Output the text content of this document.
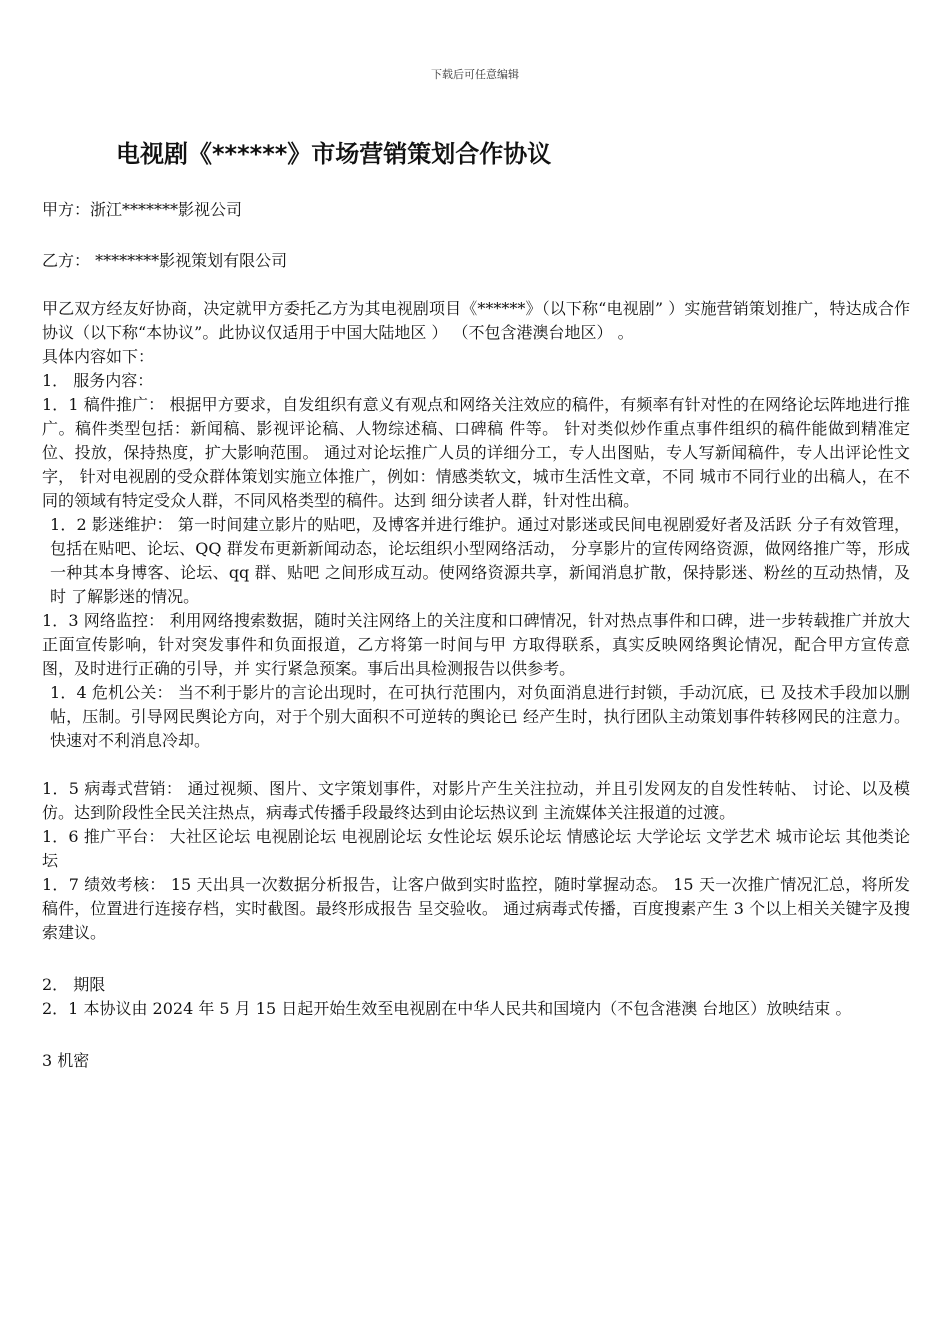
下载后可任意编辑
电视剧《******》市场营销策划合作协议

甲方：浙江*******影视公司

乙方： ********影视策划有限公司

甲乙双方经友好协商，决定就甲方委托乙方为其电视剧项目《******》（以下称“电视剧” ）实施营销策划推广，特达成合作协议（以下称“本协议”。此协议仅适用于中国大陆地区 ） （不包含港澳台地区） 。

具体内容如下：

1． 服务内容：

1．1 稿件推广： 根据甲方要求，自发组织有意义有观点和网络关注效应的稿件，有频率有针对性的在网络论坛阵地进行推广。稿件类型包括：新闻稿、影视评论稿、人物综述稿、口碑稿 件等。 针对类似炒作重点事件组织的稿件能做到精准定位、投放，保持热度，扩大影响范围。 通过对论坛推广人员的详细分工，专人出图贴，专人写新闻稿件，专人出评论性文字， 针对电视剧的受众群体策划实施立体推广，例如：情感类软文，城市生活性文章，不同 城市不同行业的出稿人，在不同的领域有特定受众人群，不同风格类型的稿件。达到 细分读者人群，针对性出稿。

1．2 影迷维护： 第一时间建立影片的贴吧，及博客并进行维护。通过对影迷或民间电视剧爱好者及活跃 分子有效管理，包括在贴吧、论坛、QQ 群发布更新新闻动态，论坛组织小型网络活动， 分享影片的宣传网络资源，做网络推广等，形成一种其本身博客、论坛、qq 群、贴吧 之间形成互动。使网络资源共享，新闻消息扩散，保持影迷、粉丝的互动热情，及时 了解影迷的情况。

1．3 网络监控： 利用网络搜索数据，随时关注网络上的关注度和口碑情况，针对热点事件和口碑，进一步转载推广并放大正面宣传影响，针对突发事件和负面报道，乙方将第一时间与甲 方取得联系，真实反映网络舆论情况，配合甲方宣传意图，及时进行正确的引导，并 实行紧急预案。事后出具检测报告以供参考。

1．4 危机公关： 当不利于影片的言论出现时，在可执行范围内，对负面消息进行封锁，手动沉底，已 及技术手段加以删帖，压制。引导网民舆论方向，对于个别大面积不可逆转的舆论已 经产生时，执行团队主动策划事件转移网民的注意力。快速对不利消息冷却。

1．5 病毒式营销： 通过视频、图片、文字策划事件，对影片产生关注拉动，并且引发网友的自发性转帖、 讨论、以及模仿。达到阶段性全民关注热点，病毒式传播手段最终达到由论坛热议到 主流媒体关注报道的过渡。

1．6 推广平台： 大社区论坛 电视剧论坛 电视剧论坛 女性论坛 娱乐论坛 情感论坛 大学论坛 文学艺术 城市论坛 其他类论坛

1．7 绩效考核： 15 天出具一次数据分析报告，让客户做到实时监控，随时掌握动态。 15 天一次推广情况汇总，将所发稿件，位置进行连接存档，实时截图。最终形成报告 呈交验收。 通过病毒式传播，百度搜素产生 3 个以上相关关键字及搜索建议。

2． 期限

2．1 本协议由 2024 年 5 月 15 日起开始生效至电视剧在中华人民共和国境内（不包含港澳 台地区）放映结束 。

3 机密
